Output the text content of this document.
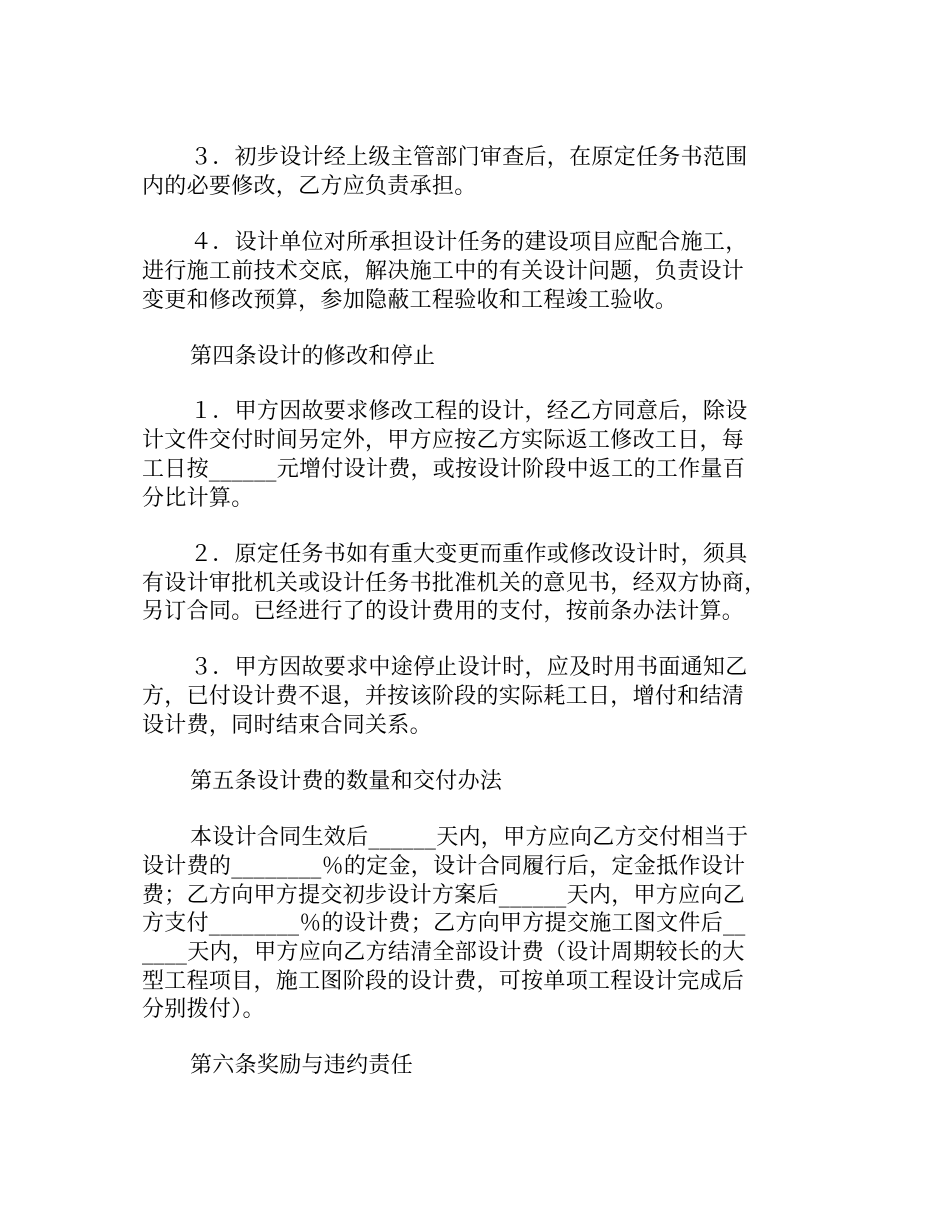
３．初步设计经上级主管部门审查后，在原定任务书范围
内的必要修改，乙方应负责承担。
４．设计单位对所承担设计任务的建设项目应配合施工，
进行施工前技术交底，解决施工中的有关设计问题，负责设计
变更和修改预算，参加隐蔽工程验收和工程竣工验收。
第四条设计的修改和停止
１．甲方因故要求修改工程的设计，经乙方同意后，除设
计文件交付时间另定外，甲方应按乙方实际返工修改工日，每
工日按______元增付设计费，或按设计阶段中返工的工作量百
分比计算。
２．原定任务书如有重大变更而重作或修改设计时，须具
有设计审批机关或设计任务书批准机关的意见书，经双方协商，
另订合同。已经进行了的设计费用的支付，按前条办法计算。
３．甲方因故要求中途停止设计时，应及时用书面通知乙
方，已付设计费不退，并按该阶段的实际耗工日，增付和结清
设计费，同时结束合同关系。
第五条设计费的数量和交付办法
本设计合同生效后______天内，甲方应向乙方交付相当于
设计费的________％的定金，设计合同履行后，定金抵作设计
费；乙方向甲方提交初步设计方案后______天内，甲方应向乙
方支付________％的设计费；乙方向甲方提交施工图文件后__
____天内，甲方应向乙方结清全部设计费（设计周期较长的大
型工程项目，施工图阶段的设计费，可按单项工程设计完成后
分别拨付）。
第六条奖励与违约责任
